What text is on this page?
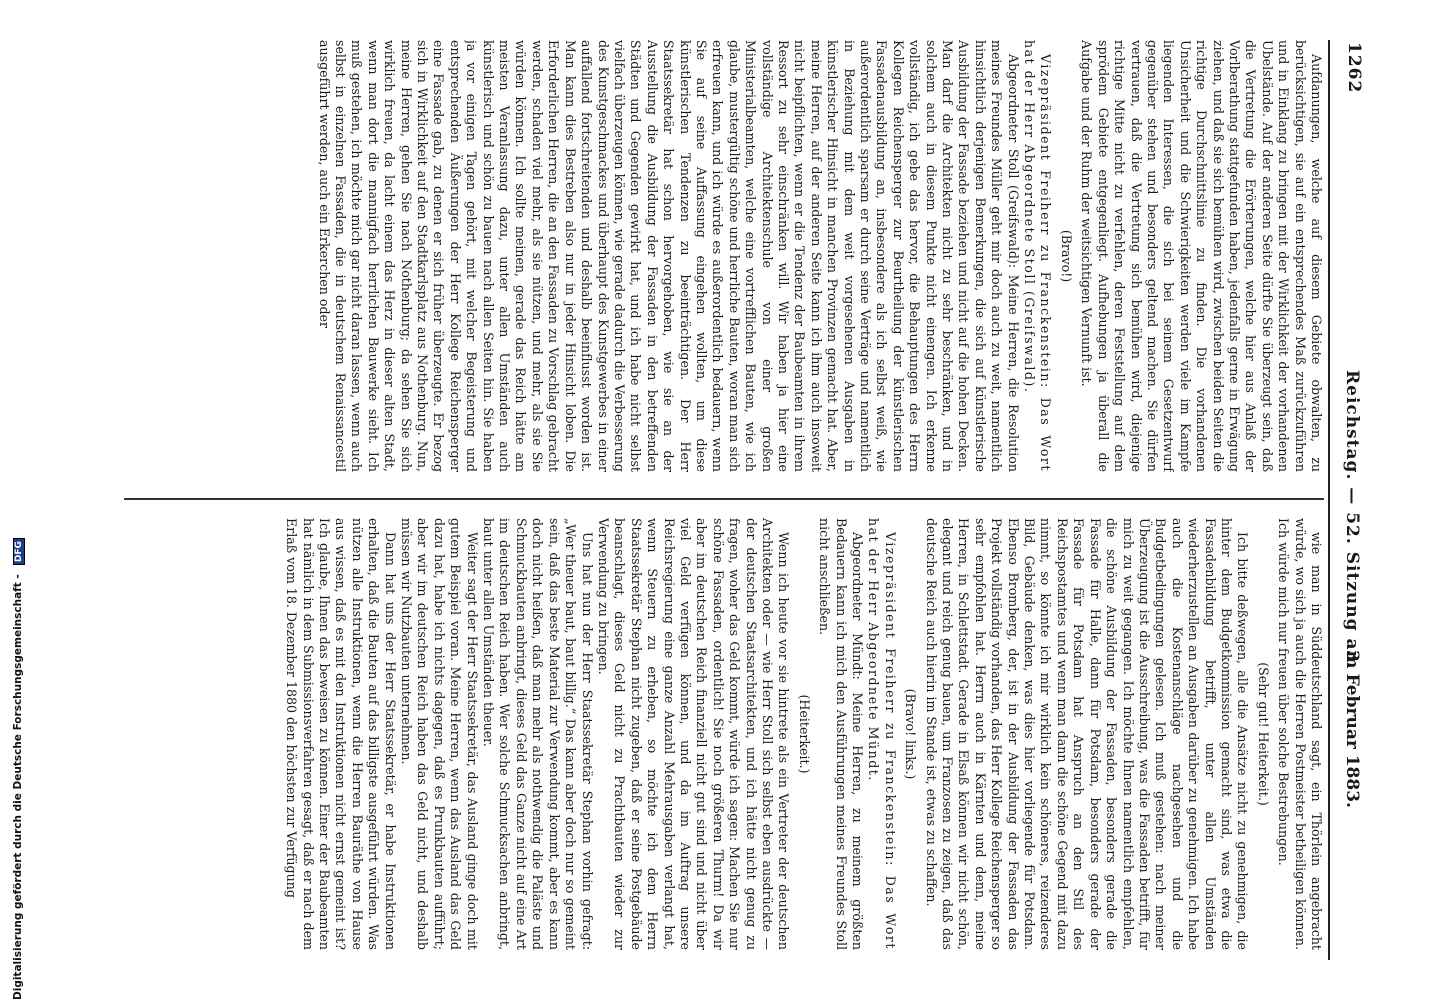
1262
Reichstag. — 52. Sitzung am
3. Februar 1883.

Aufdanungen, welche auf diesem Gebiete obwalten, zu berücksichtigen, sie auf ein entsprechendes Maß zurückzuführen und in Einklang zu bringen mit der Wirklichkeit der vorhandenen Ubelstände. Auf der anderen Seite dürfte Sie überzeugt sein, daß die Vertretung die Erörterungen, welche hier aus Anlaß der Vorlberathung stattgefunden haben, jedenfalls gerne in Erwägung ziehen, und daß sie sich bemühen wird, zwischen beiden Seiten die richtige Durchschnittslinie zu finden. Die vorhandenen Unsicherheit und die Schwierigkeiten werden viele im Kampfe liegenden Interessen, die sich bei seinem Gesetzentwurf gegenüber stehen und besonders geltend machen. Sie dürfen vertrauen, daß die Vertretung sich bemühen wird, diejenige richtige Mitte nicht zu verfehlen, deren Feststellung auf dem sprödem Gebiete entgegenliegt. Aufhebungen ja überall die Aufgabe und der Ruhm der weitsichtigen Vernunft ist.

(Bravo!)

Vizepräsident Freiherr zu Franckenstein: Das Wort hat der Herr Abgeordnete Stoll (Greifswald).

Abgeordneter Stoll (Greifswald): Meine Herren, die Resolution meines Freundes Müller geht mir doch auch zu weit, namentlich hinsichtlich derjenigen Bemerkungen, die sich auf künstlerische Ausbildung der Fassade beziehen und nicht auf die hohen Decken. Man darf die Architekten nicht zu sehr beschränken, und in solchem auch in diesem Punkte nicht einengen. Ich erkenne vollständig, ich gebe das hervor, die Behauptungen des Herrn Kollegen Reichensperger zur Beurtheilung der künstlerischen Fassadenausbildung an, insbesondere als ich selbst weiß, wie außerordentlich sparsam er durch seine Verträge und namentlich in Beziehung mit dem weit vorgesehenen Ausgaben in künstlerischer Hinsicht in manchen Provinzen gemacht hat. Aber, meine Herren, auf der anderen Seite kann ich ihm auch insoweit nicht beipflichten, wenn er die Tendenz der Baubeamten in ihrem Ressort zu sehr einschränken will. Wir haben ja hier eine vollständige Architektenschule von einer großen Ministerialbeamten, welche eine vortrefflichen Bauten, wie ich glaube, mustergültig schöne und herrliche Bauten, woran man sich erfreuen kann, und ich würde es außerordentlich bedauern, wenn Sie auf seine Auffassung eingehen wollten, um diese künstlerischen Tendenzen zu beeinträchtigen. Der Herr Staatssekretär hat schon hervorgehoben, wie sie an der Ausstellung die Ausbildung der Fassaden in den betreffenden Städten und Gegenden gewirkt hat, und ich habe nicht selbst vielfach überzeugen können, wie gerade dadurch die Verbesserung des Kunstgeschmackes und überhaupt des Kunstgewerbes in einer auffallend fortschreitenden und deshalb beeinflusst worden ist. Man kann dies Bestreben also nur in jeder Hinsicht loben. Die Erforderlichen Herren, die an den Fassaden zu Vorschlag gebracht werden, schaden viel mehr, als sie nützen, und mehr, als sie Sie würden können. Ich sollte meinen, gerade das Reich hätte am meisten Veranlassung dazu, unter allen Umständen auch künstlerisch und schön zu bauen nach allen Seiten hin. Sie haben ja vor einigen Tagen gehört, mit welcher Begeisterung und entsprechenden Äußerungen der Herr Kollege Reichensperger eine Fassade gab, zu denen er sich früher überzeugte. Er bezog sich in Wirklichkeit auf den Stadtkarlsplatz aus Nothenburg. Nun, meine Herren, gehen Sie nach Nothenburg; da sehen Sie sich wirklich freuen, da lacht einem das Herz in dieser alten Stadt, wenn man dort die mannigfach herrlichen Bauwerke sieht. Ich muß gestehen, ich möchte mich gar nicht daran lassen, wenn auch selbst in einzelnen Fassaden, die in deutschem Renaissancestil ausgeführt werden, auch ein Erkerchen oder

wie man in Süddeutschland sagt, ein Thörlein angebracht würde, wo sich ja auch die Herren Postmeister betheiligen können. Ich würde mich nur freuen über solche Bestrebungen.

(Sehr gut! Heiterkeit.)

Ich bitte deßwegen, alle die Ansätze nicht zu genehmigen, die hinter dem Budgetkommission gemacht sind, was etwa die Fassadenbildung betrifft, unter allen Umständen wiederherzustellen an Ausgaben darüber zu genehmigen. Ich habe auch die Kostenanschläge nachgesehen und die Budgetbedingungen gelesen. Ich muß gestehen: nach meiner Überzeugung ist die Ausschreibung, was die Fassaden betrifft, für mich zu weit gegangen. Ich möchte Ihnen namentlich empfehlen, die schöne Ausbildung der Fassaden, besonders gerade die Fassade für Halle, dann für Potsdam, besonders gerade der Fassade für Potsdam hat Anspruch an den Stil des Reichspostamtes und wenn man dann die schöne Gegend mit dazu nimmt, so könnte ich mir wirklich kein schöneres, reizenderes Bild, Gebäude denken, was dies hier vorliegende für Potsdam. Ebenso Bromberg, der, ist in der Ausbildung der Fassaden das Projekt vollständig vorhanden, das Herr Kollege Reichensperger so sehr empfohlen hat. Herrn auch in Kärnten und denn, meine Herren, in Schlettstadt. Gerade in Elsaß können wir nicht schön, elegant und reich genug bauen, um Franzosen zu zeigen, daß das deutsche Reich auch hierin im Stande ist, etwas zu schaffen.

(Bravo! links.)

Vizepräsident Freiherr zu Franckenstein: Das Wort hat der Herr Abgeordnete Mündt.

Abgeordneter Mündt: Meine Herren, zu meinem größten Bedauern kann ich mich den Ausführungen meines Freundes Stoll nicht anschließen.

(Heiterkeit.)

Wenn ich heute vor sie hintrete als ein Vertreter der deutschen Architekten oder — wie Herr Stoll sich selbst eben ausdrückte — der deutschen Staatsarchitekten, und ich hätte nicht genug zu fragen, woher das Geld kommt, würde ich sagen: Machen Sie nur schöne Fassaden, ordentlich! Sie noch größeren Thurm! Da wir aber im deutschen Reich finanziell nicht gut sind und nicht über viel Geld verfügen können, und da im Auftrag unsere Reichsregierung eine ganze Anzahl Mehrausgaben verlangt hat, wenn Steuern zu erheben, so möchte ich dem Herrn Staatssekretär Stephan nicht zugeben, daß er seine Postgebäude beanschlagt, dieses Geld nicht zu Prachtbauten wieder zur Verwendung zu bringen.

Uns hat nun der Herr Staatssekretär Stephan vorhin gefragt: „Wer theuer baut, baut billig.“ Das kann aber doch nur so gemeint sein, daß das beste Material zur Verwendung kommt, aber es kann doch nicht heißen, daß man mehr als nothwendig die Paläste und Schmuckbauten anbringt, dieses Geld das Ganze nicht auf eine Art im deutschen Reich haben. Wer solche Schmucksachen anbringt, baut unter allen Umständen theuer.

Weiter sagt der Herr Staatssekretär, das Ausland ginge doch mit gutem Beispiel voran. Meine Herren, wenn das Ausland das Geld dazu hat, habe ich nichts dagegen, daß es Prunkbauten aufführt; aber wir im deutschen Reich haben das Geld nicht, und deshalb müssen wir Nutzbauten unternehmen.

Dann hat uns der Herr Staatssekretär, er habe Instruktionen erhalten, daß die Bauten auf das billigste ausgeführt würden. Was nützen alle Instruktionen, wenn die Herren Bauräthe von Hause aus wissen, daß es mit den Instruktionen nicht ernst gemeint ist? Ich glaube, Ihnen das beweisen zu können. Einer der Baubeamten hat nämlich in dem Submissionsverfahren gesagt, daß er nach dem Erlaß vom 18. Dezember 1880 den höchsten zur Verfügung

Digitalisierung gefördert durch die Deutsche Forschungsgemeinschaft - DFG
